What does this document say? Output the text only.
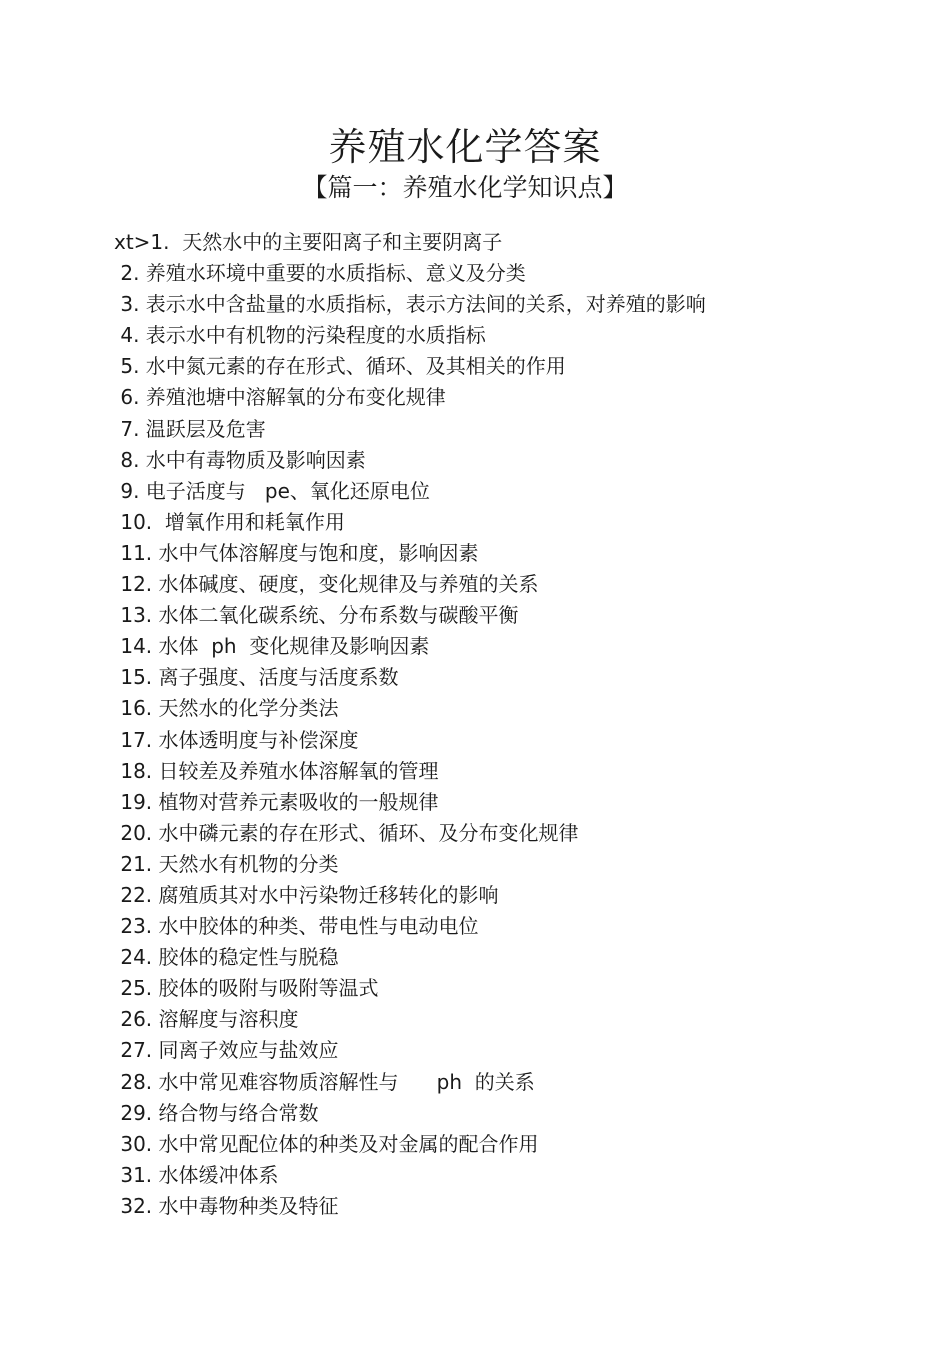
养殖水化学答案
【篇一：养殖水化学知识点】
xt>1.  天然水中的主要阳离子和主要阴离子
2. 养殖水环境中重要的水质指标、意义及分类
3. 表示水中含盐量的水质指标，表示方法间的关系，对养殖的影响
4. 表示水中有机物的污染程度的水质指标
5. 水中氮元素的存在形式、循环、及其相关的作用
6. 养殖池塘中溶解氧的分布变化规律
7. 温跃层及危害
8. 水中有毒物质及影响因素
9. 电子活度与   pe、氧化还原电位
10.  增氧作用和耗氧作用
11. 水中气体溶解度与饱和度，影响因素
12. 水体碱度、硬度，变化规律及与养殖的关系
13. 水体二氧化碳系统、分布系数与碳酸平衡
14. 水体  ph  变化规律及影响因素
15. 离子强度、活度与活度系数
16. 天然水的化学分类法
17. 水体透明度与补偿深度
18. 日较差及养殖水体溶解氧的管理
19. 植物对营养元素吸收的一般规律
20. 水中磷元素的存在形式、循环、及分布变化规律
21. 天然水有机物的分类
22. 腐殖质其对水中污染物迁移转化的影响
23. 水中胶体的种类、带电性与电动电位
24. 胶体的稳定性与脱稳
25. 胶体的吸附与吸附等温式
26. 溶解度与溶积度
27. 同离子效应与盐效应
28. 水中常见难容物质溶解性与      ph  的关系
29. 络合物与络合常数
30. 水中常见配位体的种类及对金属的配合作用
31. 水体缓冲体系
32. 水中毒物种类及特征
